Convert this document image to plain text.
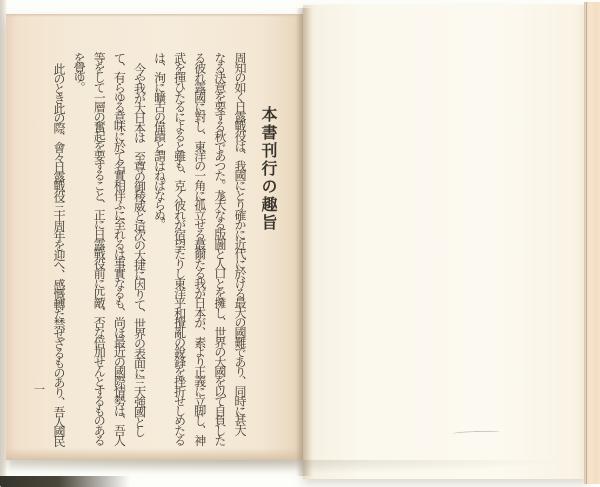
本書刊行の趣旨
周知の如く日露戰役は、我國にとり確かに近代に於ける最大の國難であり、同時に甚大
なる決意を要する秋であつた。尨大なる版圖と人口とを擁し、世界の大國を以て自負した
る彼れ露國に對し、東洋の一角に孤立せる蕞爾たる我が日本が、素より正義に立脚し、神
武を揮ひたるによると雖も、克く彼れが宿望たりし東洋平和攪亂の銳鋒を挫折せしめたる
は、洵に曠古の偉蹟と謂はねばならぬ。
今や我が大日本は　至尊の御稜威と這次の大捷に因りて、世界の表面に三大強國とし
て、有らゆる意味に於て名實相伴ふに至れるは事實なるも、尚ほ最近の國際情勢は、吾人
等をして一層の奮起を要すること、正に日露戰役前に匹敵、否な倍加せんとするものある
を覺ゆ。
此のとき此の際、會々日露戰役三十周年を迎へ、感慨轉た禁ぜざるものあり、吾人國民
一
